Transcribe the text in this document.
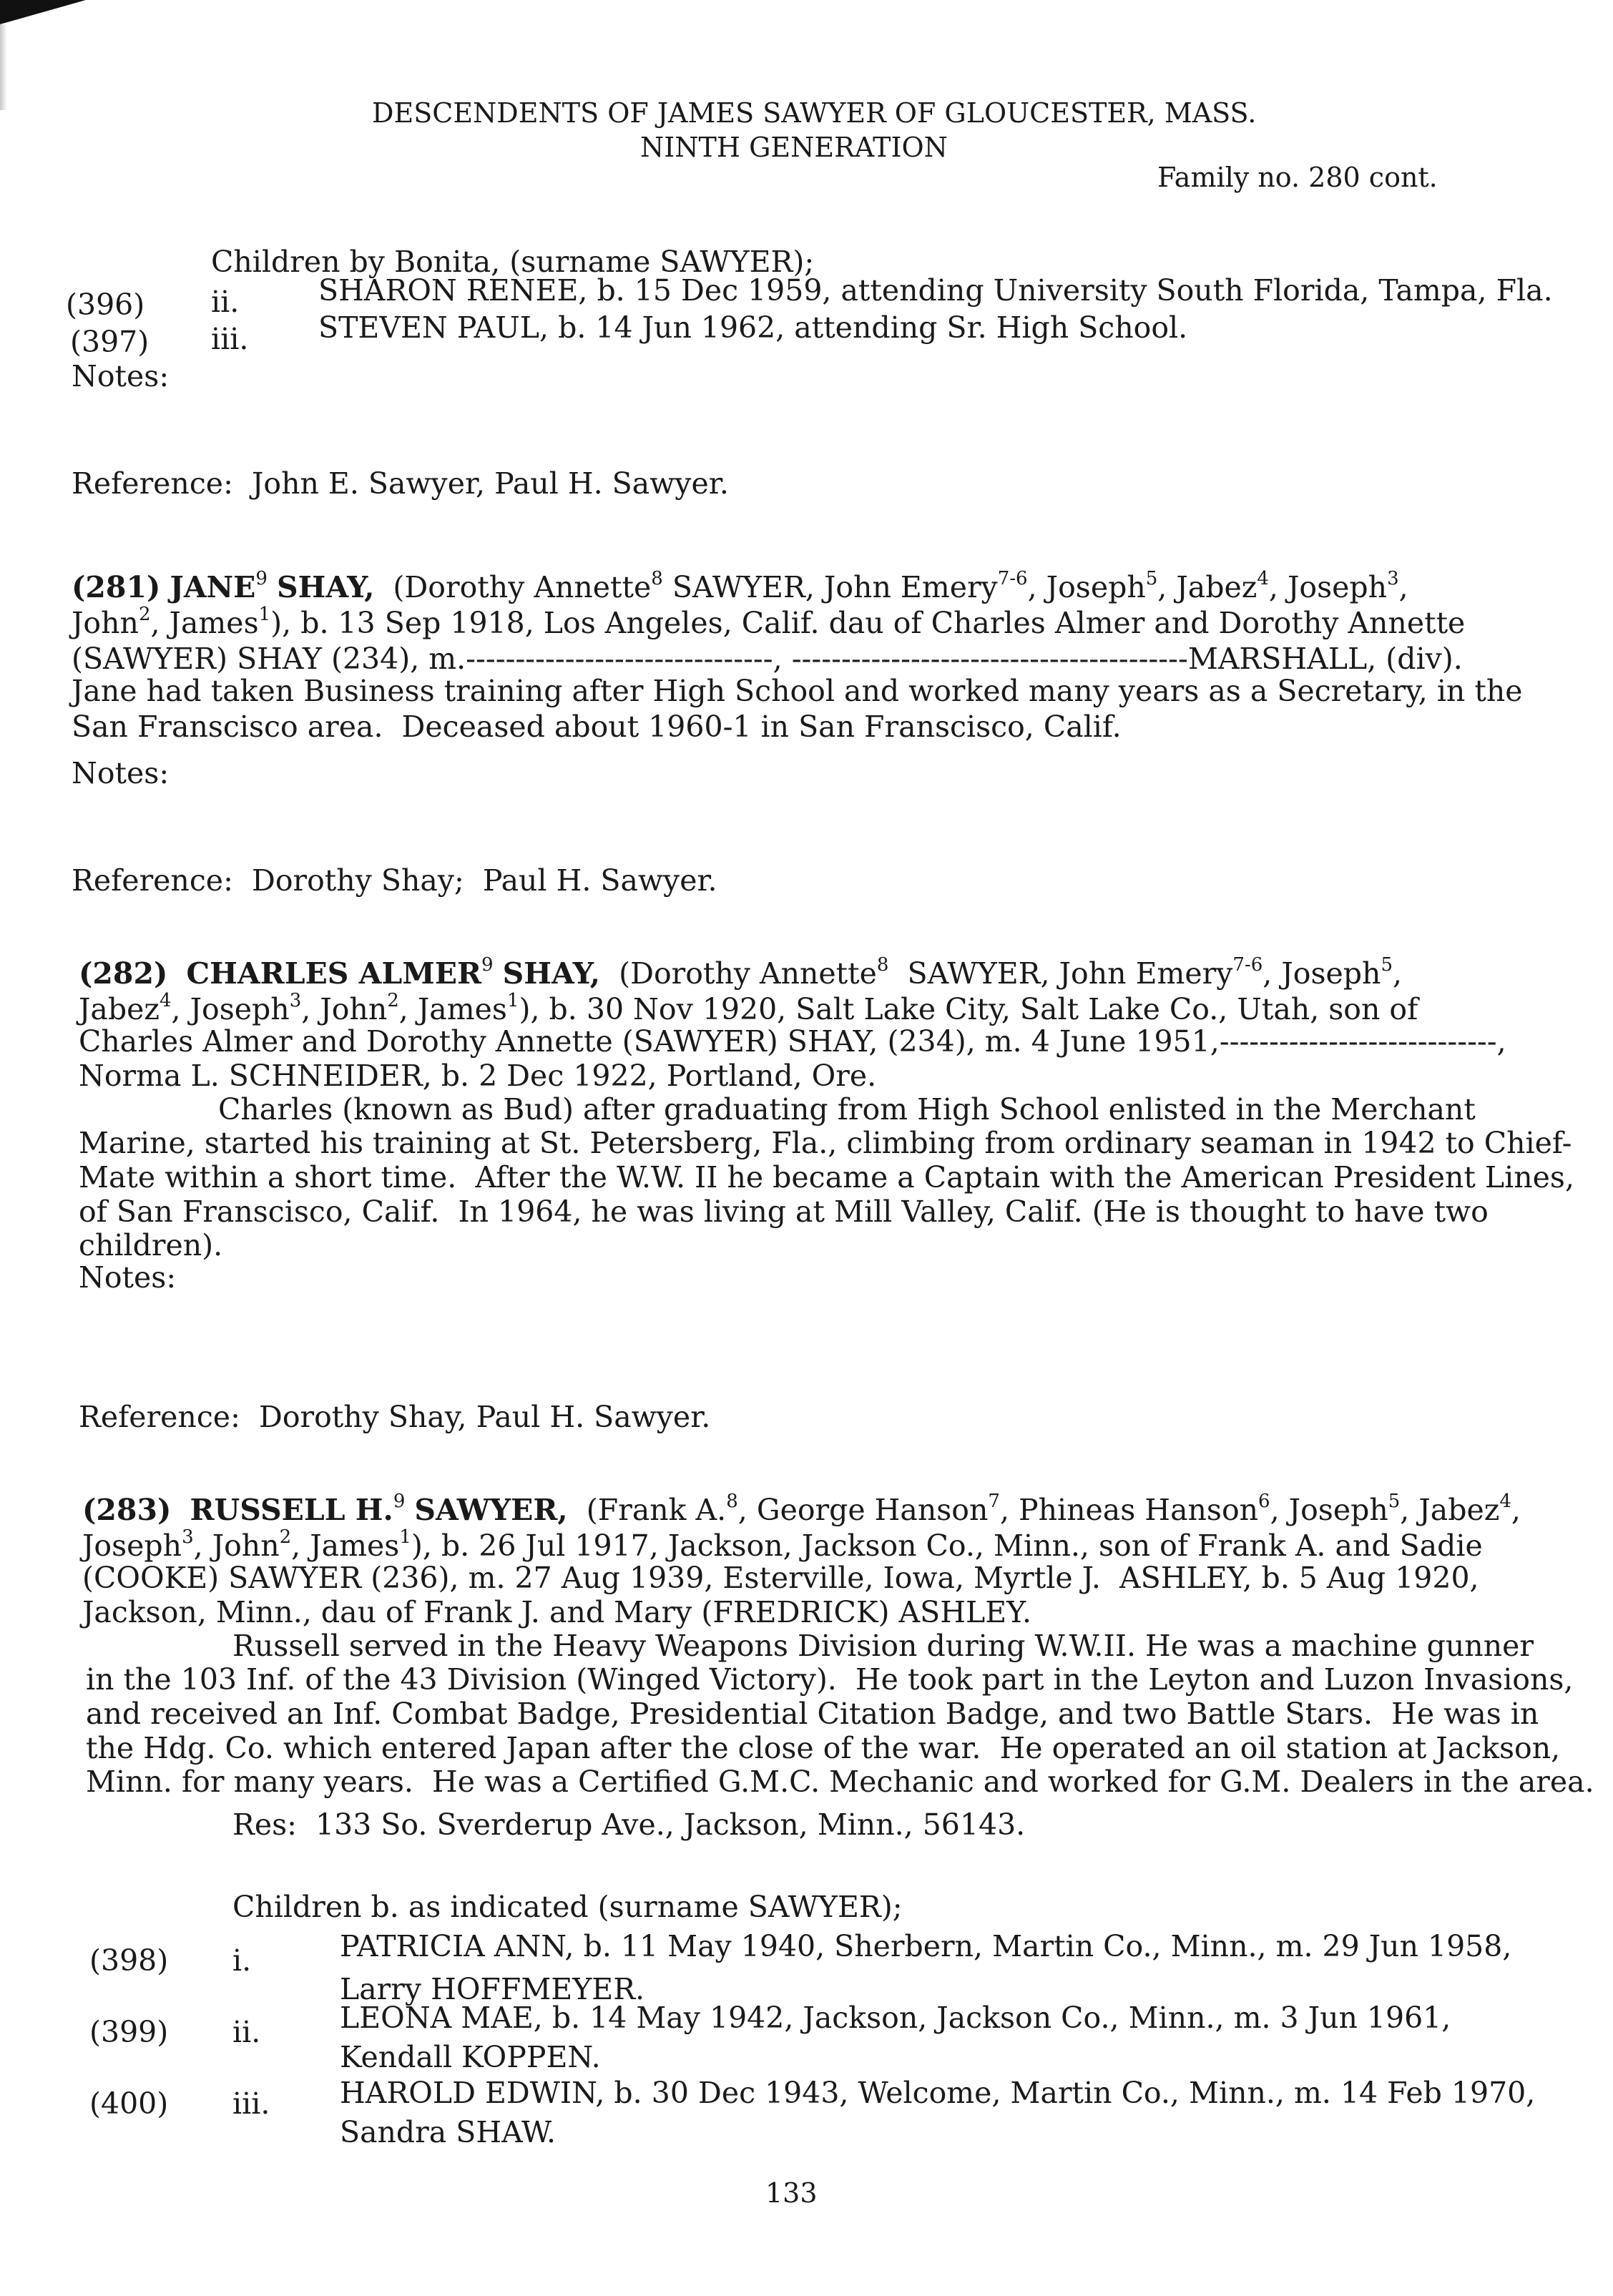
DESCENDENTS OF JAMES SAWYER OF GLOUCESTER, MASS.
NINTH GENERATION
Family no. 280 cont.
Children by Bonita, (surname SAWYER);
(396) ii.	SHARON RENEE, b. 15 Dec 1959, attending University South Florida, Tampa, Fla.
(397) iii. STEVEN PAUL, b. 14 Jun 1962, attending Sr. High School.
Notes:
Reference:  John E. Sawyer, Paul H. Sawyer.
(281) JANE$^9$ SHAY, (Dorothy Annette$^8$ SAWYER, John Emery$^{7-6}$, Joseph$^5$, Jabez$^4$, Joseph$^3$,
John$^2$, James$^1$), b. 13 Sep 1918, Los Angeles, Calif. dau of Charles Almer and Dorothy Annette
(SAWYER) SHAY (234), m.-------------------------------, ----------------------------------------MARSHALL, (div).
Jane had taken Business training after High School and worked many years as a Secretary, in the
San Franscisco area.  Deceased about 1960-1 in San Franscisco, Calif.
Notes:
Reference:  Dorothy Shay;  Paul H. Sawyer.
(282) CHARLES ALMER$^9$ SHAY, (Dorothy Annette$^8$  SAWYER, John Emery$^{7-6}$, Joseph$^5$,
Jabez$^4$, Joseph$^3$, John$^2$, James$^1$), b. 30 Nov 1920, Salt Lake City, Salt Lake Co., Utah, son of
Charles Almer and Dorothy Annette (SAWYER) SHAY, (234), m. 4 June 1951,----------------------------,
Norma L. SCHNEIDER, b. 2 Dec 1922, Portland, Ore.
Charles (known as Bud) after graduating from High School enlisted in the Merchant
Marine, started his training at St. Petersberg, Fla., climbing from ordinary seaman in 1942 to Chief-
Mate within a short time.  After the W.W. II he became a Captain with the American President Lines,
of San Franscisco, Calif.  In 1964, he was living at Mill Valley, Calif. (He is thought to have two
children).
Notes:
Reference:  Dorothy Shay, Paul H. Sawyer.
(283) RUSSELL H.$^9$ SAWYER, (Frank A.$^8$, George Hanson$^7$, Phineas Hanson$^6$, Joseph$^5$, Jabez$^4$,
Joseph$^3$, John$^2$, James$^1$), b. 26 Jul 1917, Jackson, Jackson Co., Minn., son of Frank A. and Sadie
(COOKE) SAWYER (236), m. 27 Aug 1939, Esterville, Iowa, Myrtle J.  ASHLEY, b. 5 Aug 1920,
Jackson, Minn., dau of Frank J. and Mary (FREDRICK) ASHLEY.
Russell served in the Heavy Weapons Division during W.W.II. He was a machine gunner
in the 103 Inf. of the 43 Division (Winged Victory).  He took part in the Leyton and Luzon Invasions,
and received an Inf. Combat Badge, Presidential Citation Badge, and two Battle Stars.  He was in
the Hdg. Co. which entered Japan after the close of the war.  He operated an oil station at Jackson,
Minn. for many years.  He was a Certified G.M.C. Mechanic and worked for G.M. Dealers in the area.
Res:  133 So. Sverderup Ave., Jackson, Minn., 56143.
Children b. as indicated (surname SAWYER);
(398) i.	PATRICIA ANN, b. 11 May 1940, Sherbern, Martin Co., Minn., m. 29 Jun 1958,
Larry HOFFMEYER.
(399) ii.	LEONA MAE, b. 14 May 1942, Jackson, Jackson Co., Minn., m. 3 Jun 1961,
Kendall KOPPEN.
(400) iii. HAROLD EDWIN, b. 30 Dec 1943, Welcome, Martin Co., Minn., m. 14 Feb 1970,
Sandra SHAW.
133
